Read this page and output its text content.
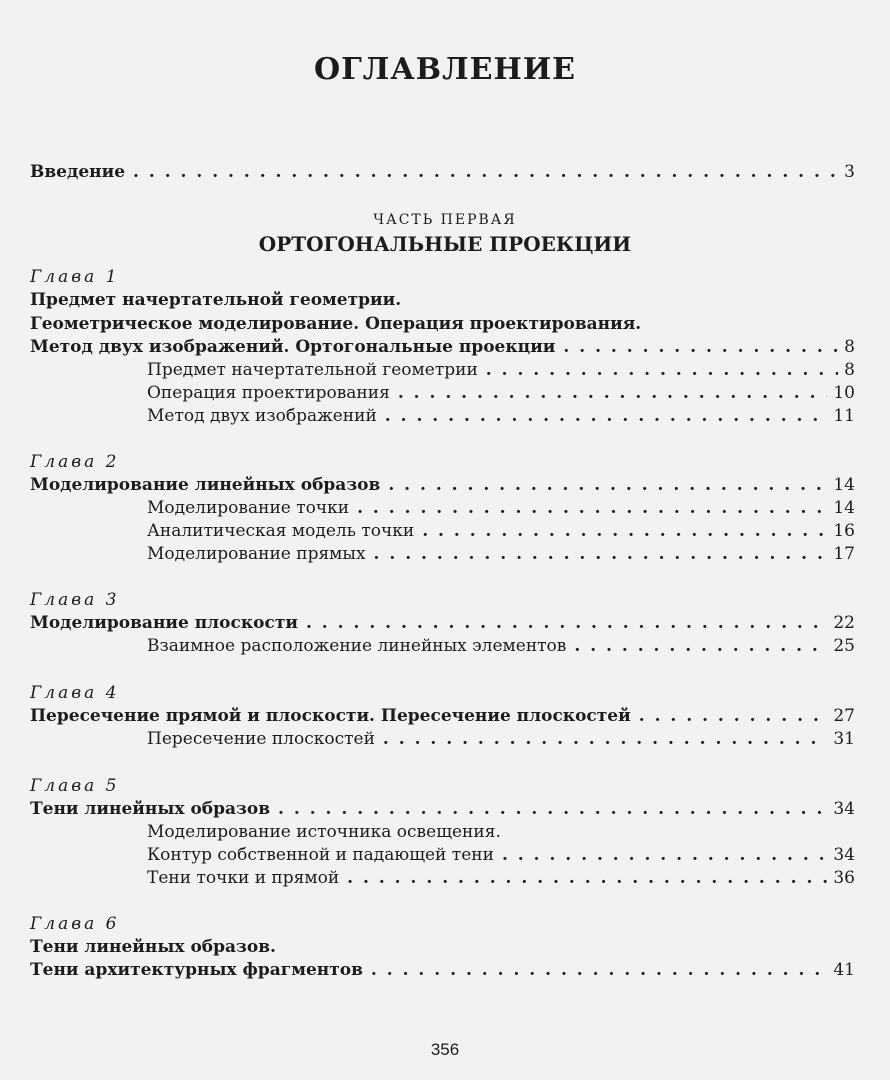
ОГЛАВЛЕНИЕ
Введение . . .	3
ЧАСТЬ ПЕРВАЯ
ОРТОГОНАЛЬНЫЕ ПРОЕКЦИИ
Глава 1
Предмет начертательной геометрии.
Геометрическое моделирование. Операция проектирования.
Метод двух изображений. Ортогональные проекции . . .	8
Предмет начертательной геометрии . . .	8
Операция проектирования . . .	10
Метод двух изображений . . .	11
Глава 2
Моделирование линейных образов . . .	14
Моделирование точки . . .	14
Аналитическая модель точки . . .	16
Моделирование прямых . . .	17
Глава 3
Моделирование плоскости . . .	22
Взаимное расположение линейных элементов . . .	25
Глава 4
Пересечение прямой и плоскости. Пересечение плоскостей . . .	27
Пересечение плоскостей . . .	31
Глава 5
Тени линейных образов . . .	34
Моделирование источника освещения.
Контур собственной и падающей тени . . .	34
Тени точки и прямой . . .	36
Глава 6
Тени линейных образов.
Тени архитектурных фрагментов . . .	41
356
